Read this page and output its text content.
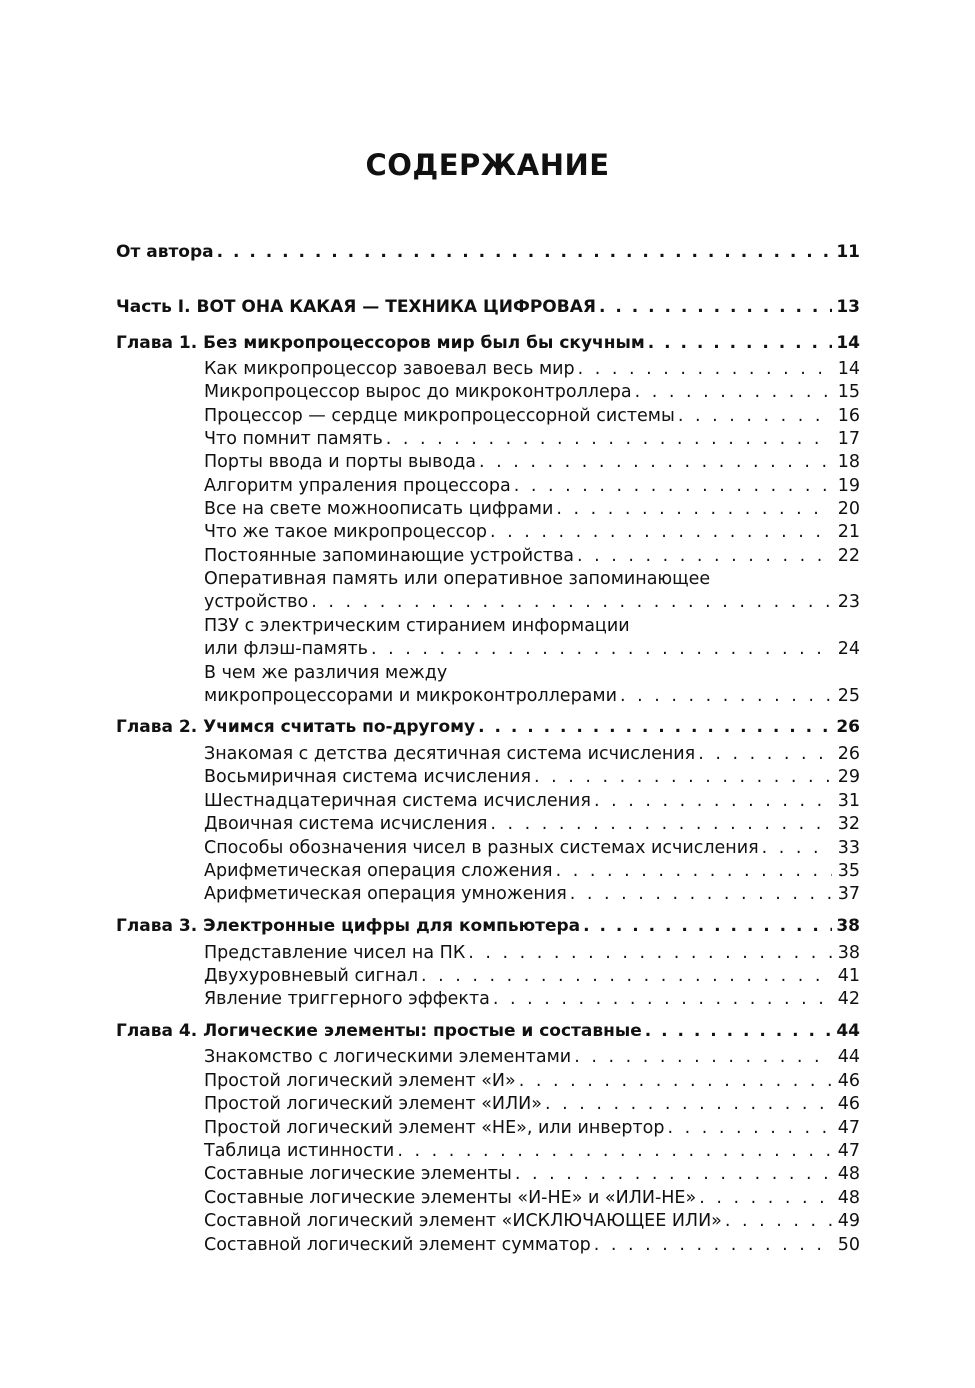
СОДЕРЖАНИЕ
От автора . . .	11
Часть I. ВОТ ОНА КАКАЯ — ТЕХНИКА ЦИФРОВАЯ . . .	13
Глава 1. Без микропроцессоров мир был бы скучным . . .	14
Как микропроцессор завоевал весь мир . . .	14
Микропроцессор вырос до микроконтроллера . . .	15
Процессор — сердце микропроцессорной системы . . .	16
Что помнит память . . .	17
Порты ввода и порты вывода . . .	18
Алгоритм упраления процессора . . .	19
Все на свете можноописать цифрами . . .	20
Что же такое микропроцессор . . .	21
Постоянные запоминающие устройства . . .	22
Оперативная память или оперативное запоминающее
устройство . . .	23
ПЗУ с электрическим стиранием информации
или флэш-память . . .	24
В чем же различия между
микропроцессорами и микроконтроллерами . . .	25
Глава 2. Учимся считать по-другому . . .	26
Знакомая с детства десятичная система исчисления . . .	26
Восьмиричная система исчисления . . .	29
Шестнадцатеричная система исчисления . . .	31
Двоичная система исчисления . . .	32
Способы обозначения чисел в разных системах исчисления . . .	33
Арифметическая операция сложения . . .	35
Арифметическая операция умножения . . .	37
Глава 3. Электронные цифры для компьютера . . .	38
Представление чисел на ПК . . .	38
Двухуровневый сигнал . . .	41
Явление триггерного эффекта . . .	42
Глава 4. Логические элементы: простые и составные . . .	44
Знакомство с логическими элементами . . .	44
Простой логический элемент «И» . . .	46
Простой логический элемент «ИЛИ» . . .	46
Простой логический элемент «НЕ», или инвертор . . .	47
Таблица истинности . . .	47
Составные логические элементы . . .	48
Составные логические элементы «И-НЕ» и «ИЛИ-НЕ» . . .	48
Составной логический элемент «ИСКЛЮЧАЮЩЕЕ ИЛИ» . . .	49
Составной логический элемент сумматор . . .	50
